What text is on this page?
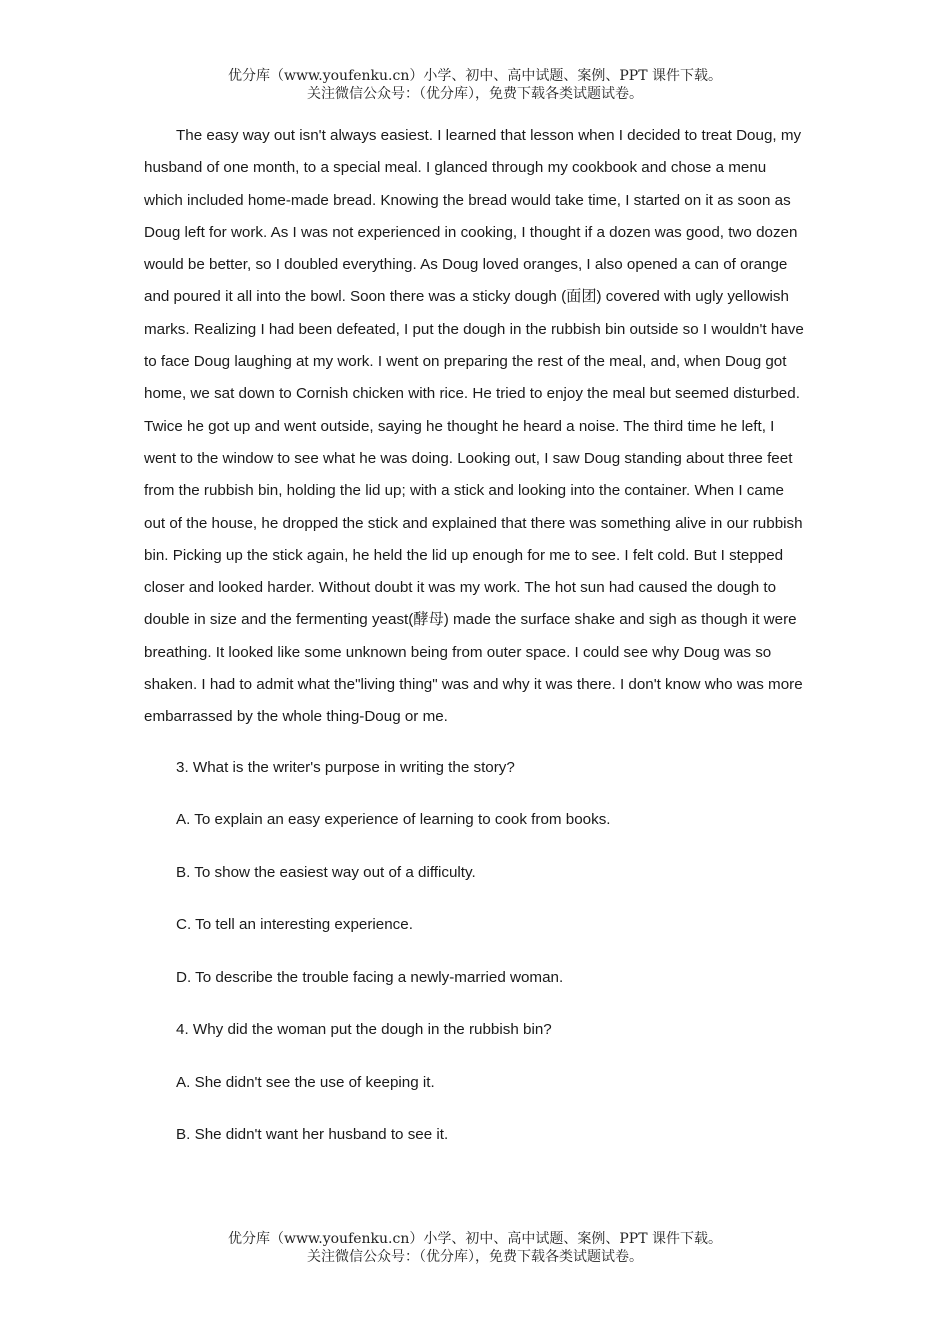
优分库（www.youfenku.cn）小学、初中、高中试题、案例、PPT 课件下载。
关注微信公众号：（优分库），免费下载各类试题试卷。

The easy way out isn't always easiest. I learned that lesson when I decided to treat Doug, my husband of one month, to a special meal. I glanced through my cookbook and chose a menu which included home-made bread. Knowing the bread would take time, I started on it as soon as Doug left for work. As I was not experienced in cooking, I thought if a dozen was good, two dozen would be better, so I doubled everything. As Doug loved oranges, I also opened a can of orange and poured it all into the bowl. Soon there was a sticky dough (面团) covered with ugly yellowish marks. Realizing I had been defeated, I put the dough in the rubbish bin outside so I wouldn't have to face Doug laughing at my work. I went on preparing the rest of the meal, and, when Doug got home, we sat down to Cornish chicken with rice. He tried to enjoy the meal but seemed disturbed. Twice he got up and went outside, saying he thought he heard a noise. The third time he left, I went to the window to see what he was doing. Looking out, I saw Doug standing about three feet from the rubbish bin, holding the lid up; with a stick and looking into the container. When I came out of the house, he dropped the stick and explained that there was something alive in our rubbish bin. Picking up the stick again, he held the lid up enough for me to see. I felt cold. But I stepped closer and looked harder. Without doubt it was my work. The hot sun had caused the dough to double in size and the fermenting yeast(酵母) made the surface shake and sigh as though it were breathing. It looked like some unknown being from outer space. I could see why Doug was so shaken. I had to admit what the"living thing" was and why it was there. I don't know who was more embarrassed by the whole thing-Doug or me.

3. What is the writer's purpose in writing the story?
A. To explain an easy experience of learning to cook from books.
B. To show the easiest way out of a difficulty.
C. To tell an interesting experience.
D. To describe the trouble facing a newly-married woman.
4. Why did the woman put the dough in the rubbish bin?
A. She didn't see the use of keeping it.
B. She didn't want her husband to see it.
优分库（www.youfenku.cn）小学、初中、高中试题、案例、PPT 课件下载。
关注微信公众号：（优分库），免费下载各类试题试卷。
